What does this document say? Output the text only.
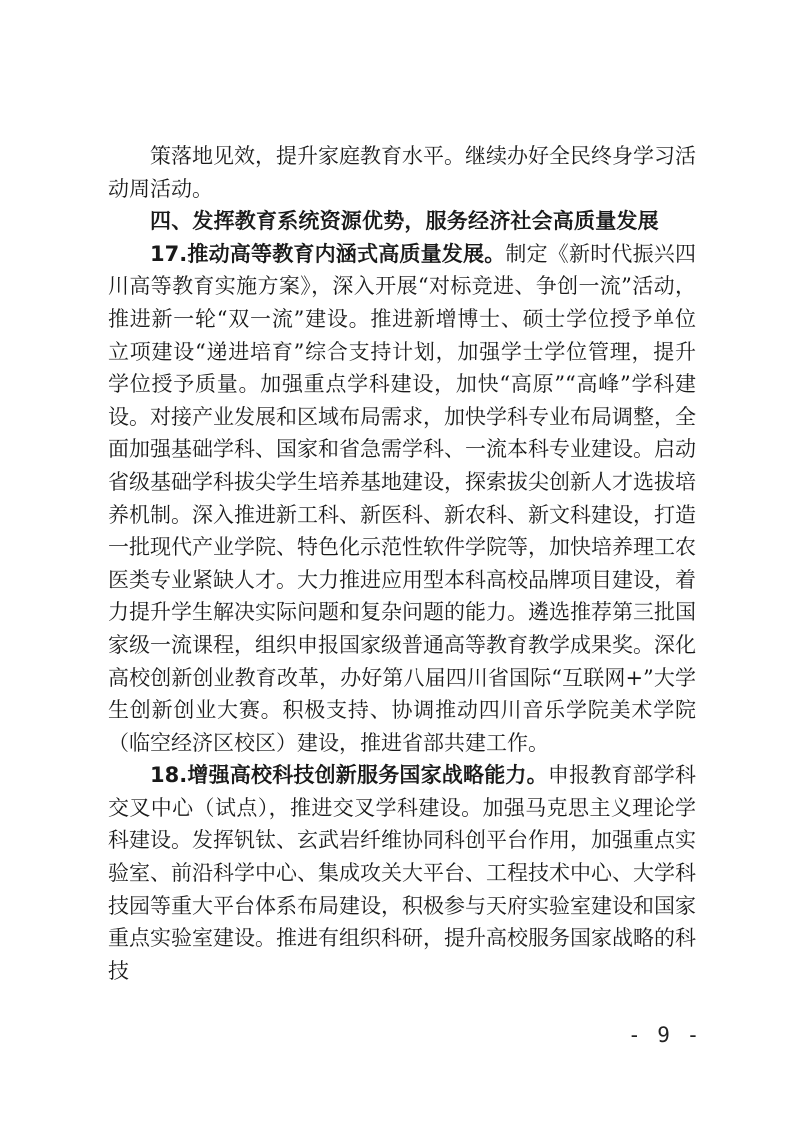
策落地见效，提升家庭教育水平。继续办好全民终身学习活动周活动。

四、发挥教育系统资源优势，服务经济社会高质量发展

17.推动高等教育内涵式高质量发展。制定《新时代振兴四川高等教育实施方案》，深入开展“对标竞进、争创一流”活动，推进新一轮“双一流”建设。推进新增博士、硕士学位授予单位立项建设“递进培育”综合支持计划，加强学士学位管理，提升学位授予质量。加强重点学科建设，加快“高原”“高峰”学科建设。对接产业发展和区域布局需求，加快学科专业布局调整，全面加强基础学科、国家和省急需学科、一流本科专业建设。启动省级基础学科拔尖学生培养基地建设，探索拔尖创新人才选拔培养机制。深入推进新工科、新医科、新农科、新文科建设，打造一批现代产业学院、特色化示范性软件学院等，加快培养理工农医类专业紧缺人才。大力推进应用型本科高校品牌项目建设，着力提升学生解决实际问题和复杂问题的能力。遴选推荐第三批国家级一流课程，组织申报国家级普通高等教育教学成果奖。深化高校创新创业教育改革，办好第八届四川省国际“互联网+”大学生创新创业大赛。积极支持、协调推动四川音乐学院美术学院（临空经济区校区）建设，推进省部共建工作。

18.增强高校科技创新服务国家战略能力。申报教育部学科交叉中心（试点），推进交叉学科建设。加强马克思主义理论学科建设。发挥钒钛、玄武岩纤维协同科创平台作用，加强重点实验室、前沿科学中心、集成攻关大平台、工程技术中心、大学科技园等重大平台体系布局建设，积极参与天府实验室建设和国家重点实验室建设。推进有组织科研，提升高校服务国家战略的科技

- 9 -
